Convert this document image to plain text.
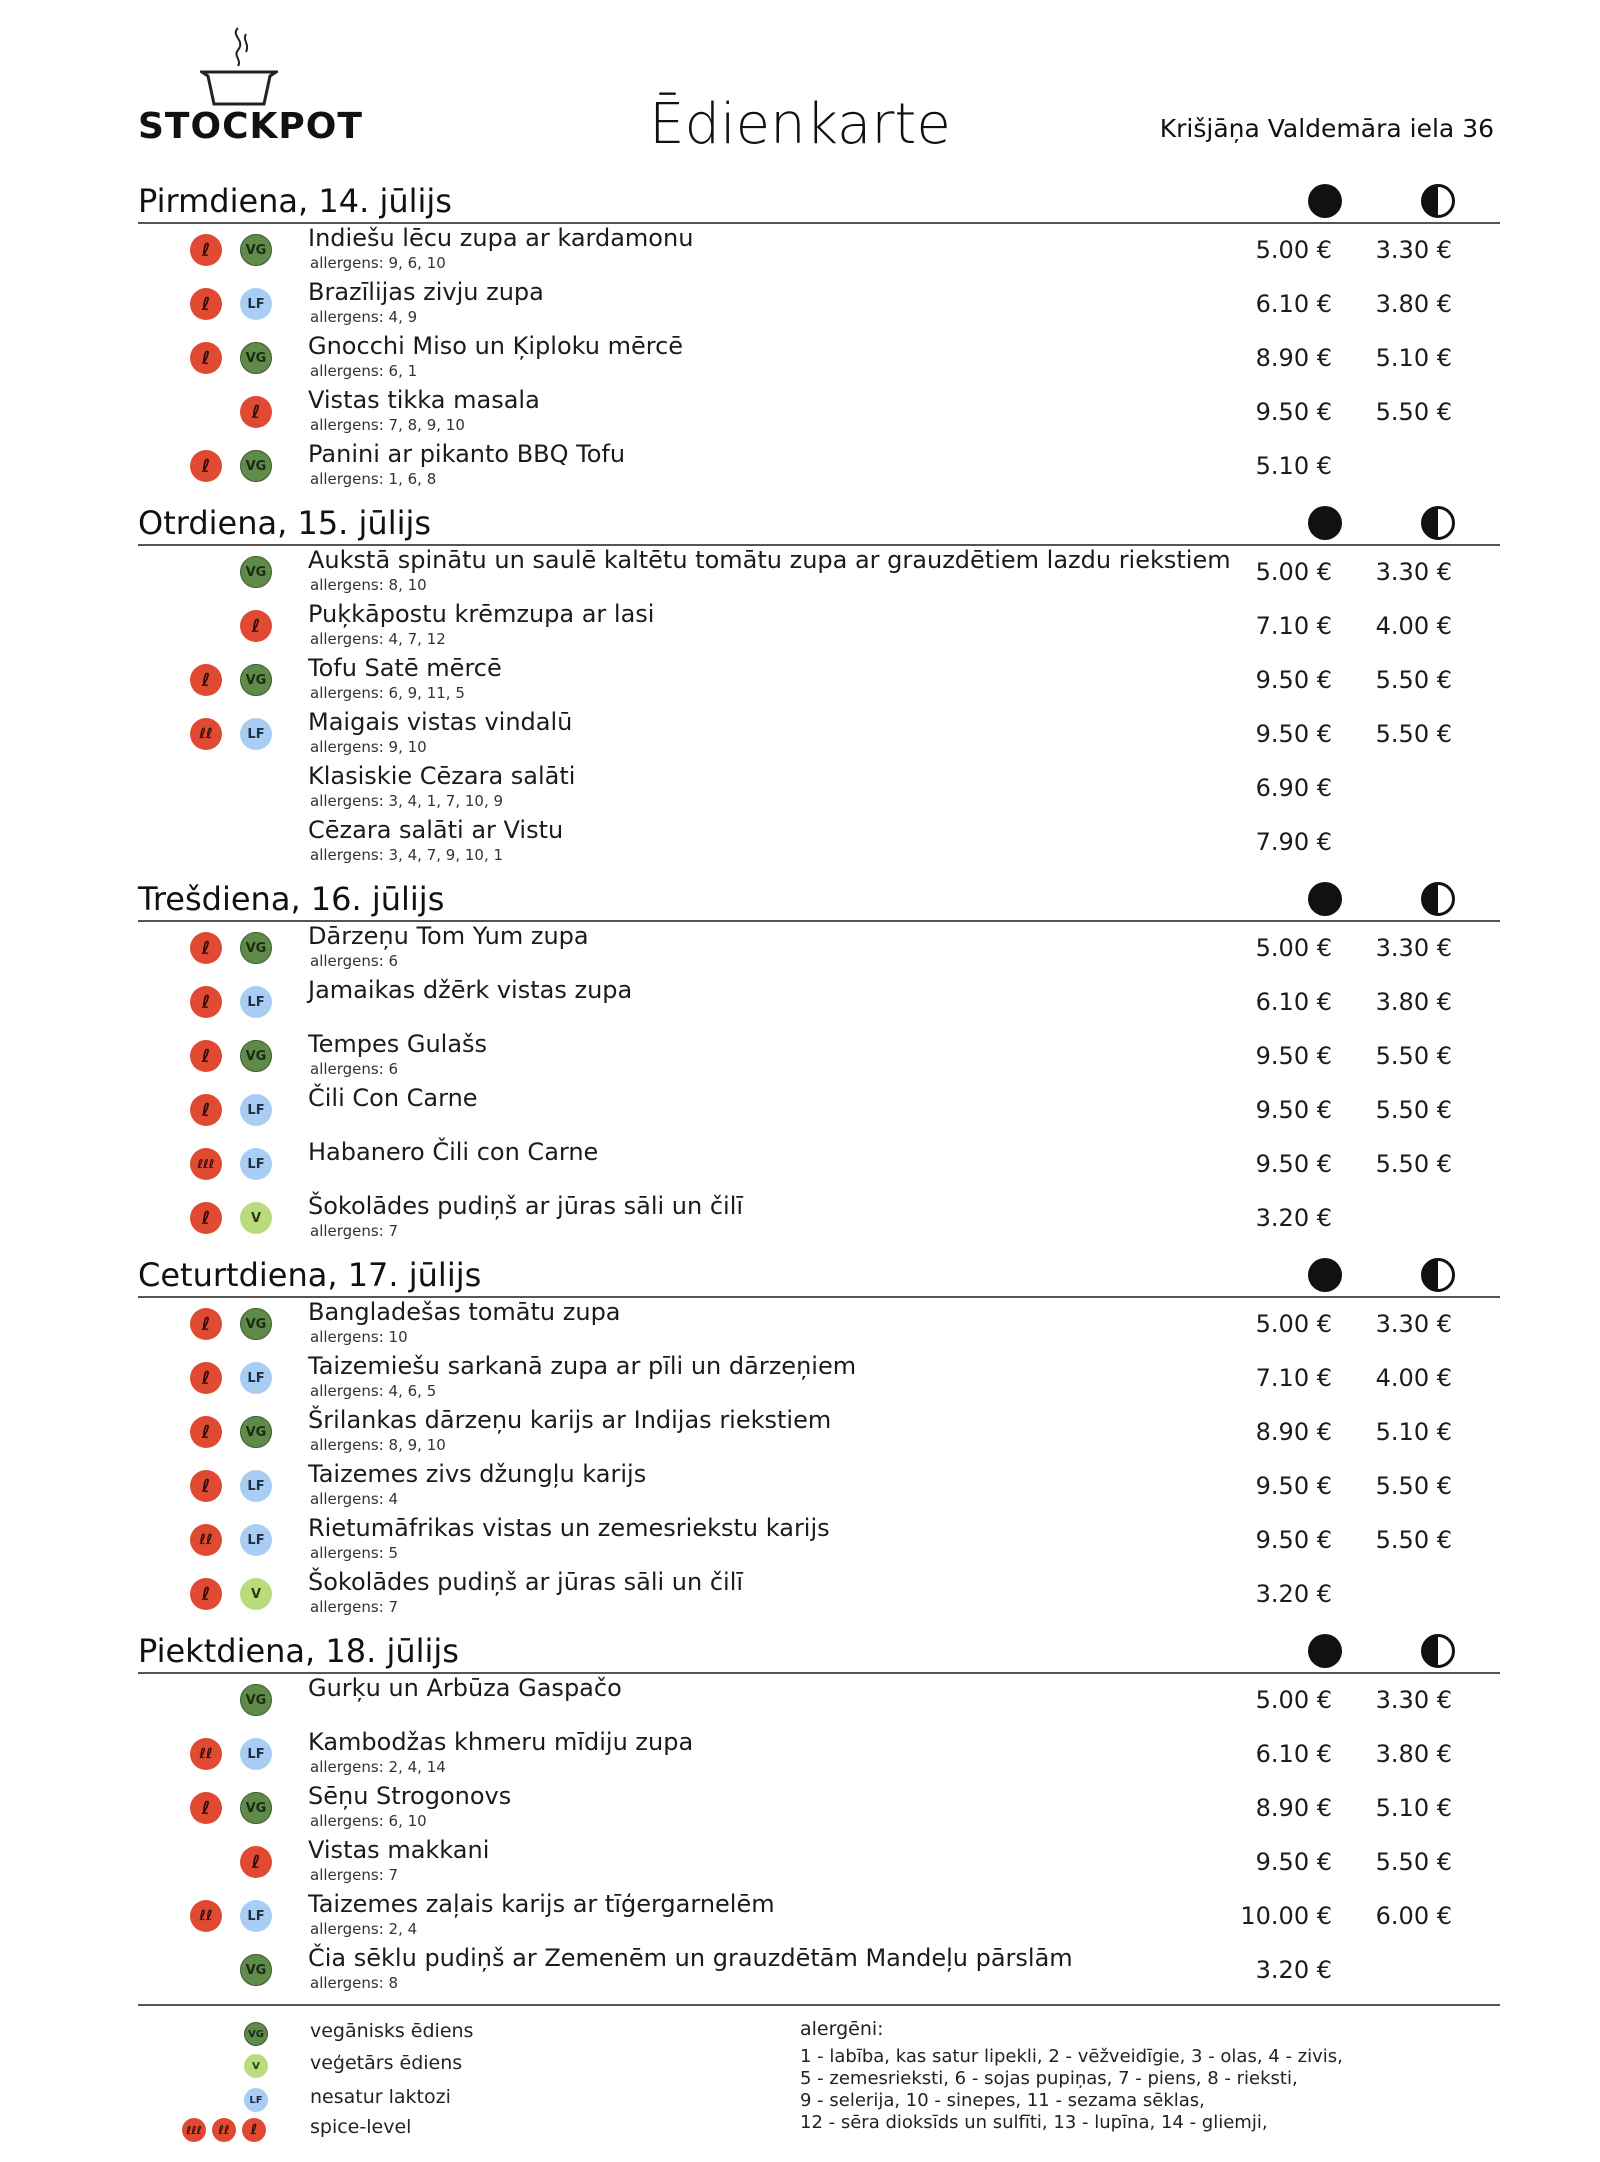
STOCKPOT	Ēdienkarte	Krišjāņa Valdemāra iela 36
Pirmdiena, 14. jūlijs
ℓ	VG Indiešu lēcu zupa ar kardamonu
allergens: 9, 6, 10	5.00 €	3.30 €
ℓ	LF	Brazīlijas zivju zupa
allergens: 4, 9	6.10 €	3.80 €
ℓ	VG Gnocchi Miso un Ķiploku mērcē
allergens: 6, 1	8.90 €	5.10 €
ℓ	Vistas tikka masala
allergens: 7, 8, 9, 10	9.50 €	5.50 €
ℓ	VG Panini ar pikanto BBQ Tofu
allergens: 1, 6, 8	5.10 €
Otrdiena, 15. jūlijs
VG Aukstā spinātu un saulē kaltētu tomātu zupa ar grauzdētiem lazdu riekstiem
allergens: 8, 10	5.00 €	3.30 €
ℓ	Puķkāpostu krēmzupa ar lasi
allergens: 4, 7, 12	7.10 €	4.00 €
ℓ	VG Tofu Satē mērcē
allergens: 6, 9, 11, 5	9.50 €	5.50 €
ℓℓ	LF	Maigais vistas vindalū
allergens: 9, 10	9.50 €	5.50 €
Klasiskie Cēzara salāti
allergens: 3, 4, 1, 7, 10, 9	6.90 €
Cēzara salāti ar Vistu
allergens: 3, 4, 7, 9, 10, 1	7.90 €
Trešdiena, 16. jūlijs
ℓ	VG Dārzeņu Tom Yum zupa
allergens: 6	5.00 €	3.30 €
ℓ	LF	Jamaikas džērk vistas zupa	6.10 €	3.80 €
ℓ	VG Tempes Gulašs
allergens: 6	9.50 €	5.50 €
ℓ	LF	Čili Con Carne	9.50 €	5.50 €
ℓℓℓ	LF	Habanero Čili con Carne	9.50 €	5.50 €
ℓ	V	Šokolādes pudiņš ar jūras sāli un čilī
allergens: 7	3.20 €
Ceturtdiena, 17. jūlijs
ℓ	VG Bangladešas tomātu zupa
allergens: 10	5.00 €	3.30 €
ℓ	LF	Taizemiešu sarkanā zupa ar pīli un dārzeņiem
allergens: 4, 6, 5	7.10 €	4.00 €
ℓ	VG Šrilankas dārzeņu karijs ar Indijas riekstiem
allergens: 8, 9, 10	8.90 €	5.10 €
ℓ	LF	Taizemes zivs džungļu karijs
allergens: 4	9.50 €	5.50 €
ℓℓ	LF	Rietumāfrikas vistas un zemesriekstu karijs
allergens: 5	9.50 €	5.50 €
ℓ	V	Šokolādes pudiņš ar jūras sāli un čilī
allergens: 7	3.20 €
Piektdiena, 18. jūlijs
VG Gurķu un Arbūza Gaspačo	5.00 €	3.30 €
ℓℓ	LF	Kambodžas khmeru mīdiju zupa
allergens: 2, 4, 14	6.10 €	3.80 €
ℓ	VG Sēņu Strogonovs
allergens: 6, 10	8.90 €	5.10 €
ℓ	Vistas makkani
allergens: 7	9.50 €	5.50 €
ℓℓ	LF	Taizemes zaļais karijs ar tīģergarnelēm
allergens: 2, 4	10.00 €	6.00 €
VG Čia sēklu pudiņš ar Zemenēm un grauzdētām Mandeļu pārslām
allergens: 8	3.20 €
VG vegānisks ēdiens
V	veģetārs ēdiens
LF nesatur laktozi
ℓℓℓ	ℓℓ	ℓ	spice-level
alergēni:
1 - labība, kas satur lipekli, 2 - vēžveidīgie, 3 - olas, 4 - zivis,
5 - zemesrieksti, 6 - sojas pupiņas, 7 - piens, 8 - rieksti,
9 - selerija, 10 - sinepes, 11 - sezama sēklas,
12 - sēra dioksīds un sulfīti, 13 - lupīna, 14 - gliemji,
